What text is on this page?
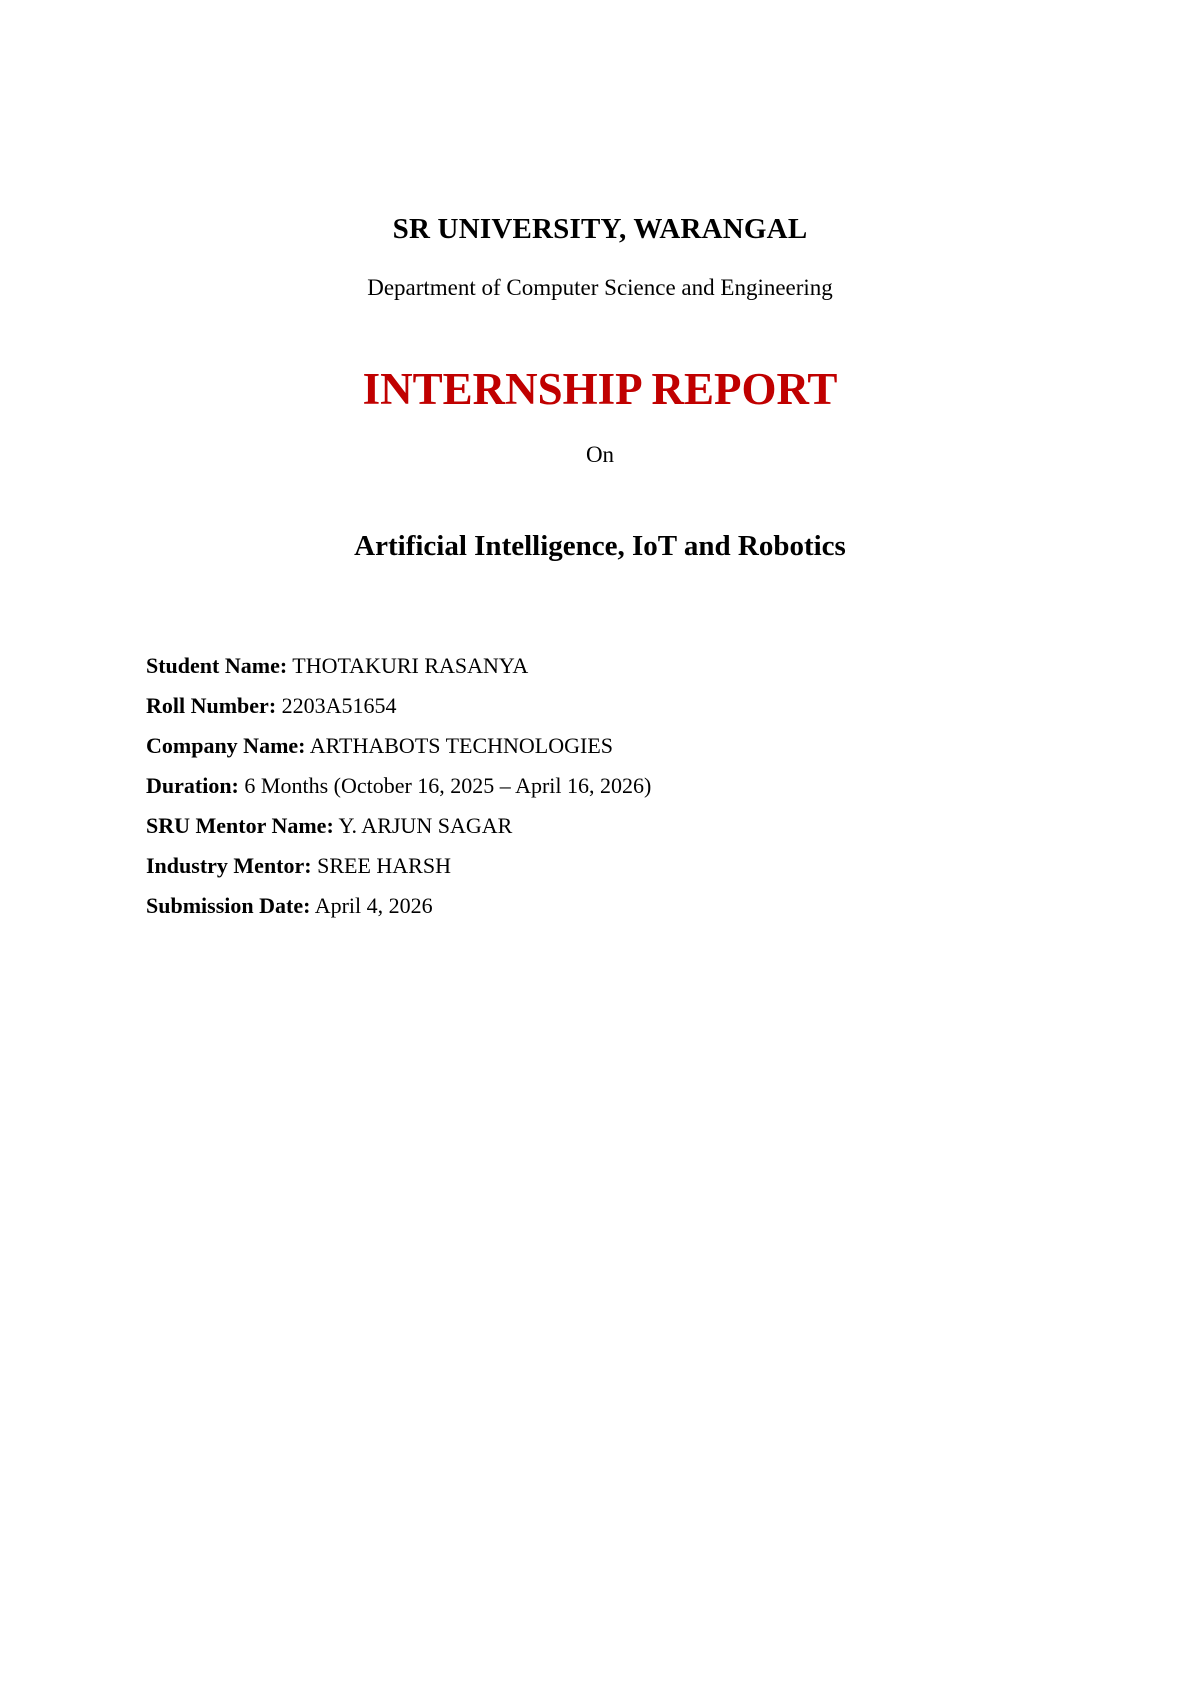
SR UNIVERSITY, WARANGAL
Department of Computer Science and Engineering
INTERNSHIP REPORT
On
Artificial Intelligence, IoT and Robotics
Student Name: THOTAKURI RASANYA
Roll Number: 2203A51654
Company Name: ARTHABOTS TECHNOLOGIES
Duration: 6 Months (October 16, 2025 – April 16, 2026)
SRU Mentor Name: Y. ARJUN SAGAR
Industry Mentor: SREE HARSH
Submission Date: April 4, 2026
